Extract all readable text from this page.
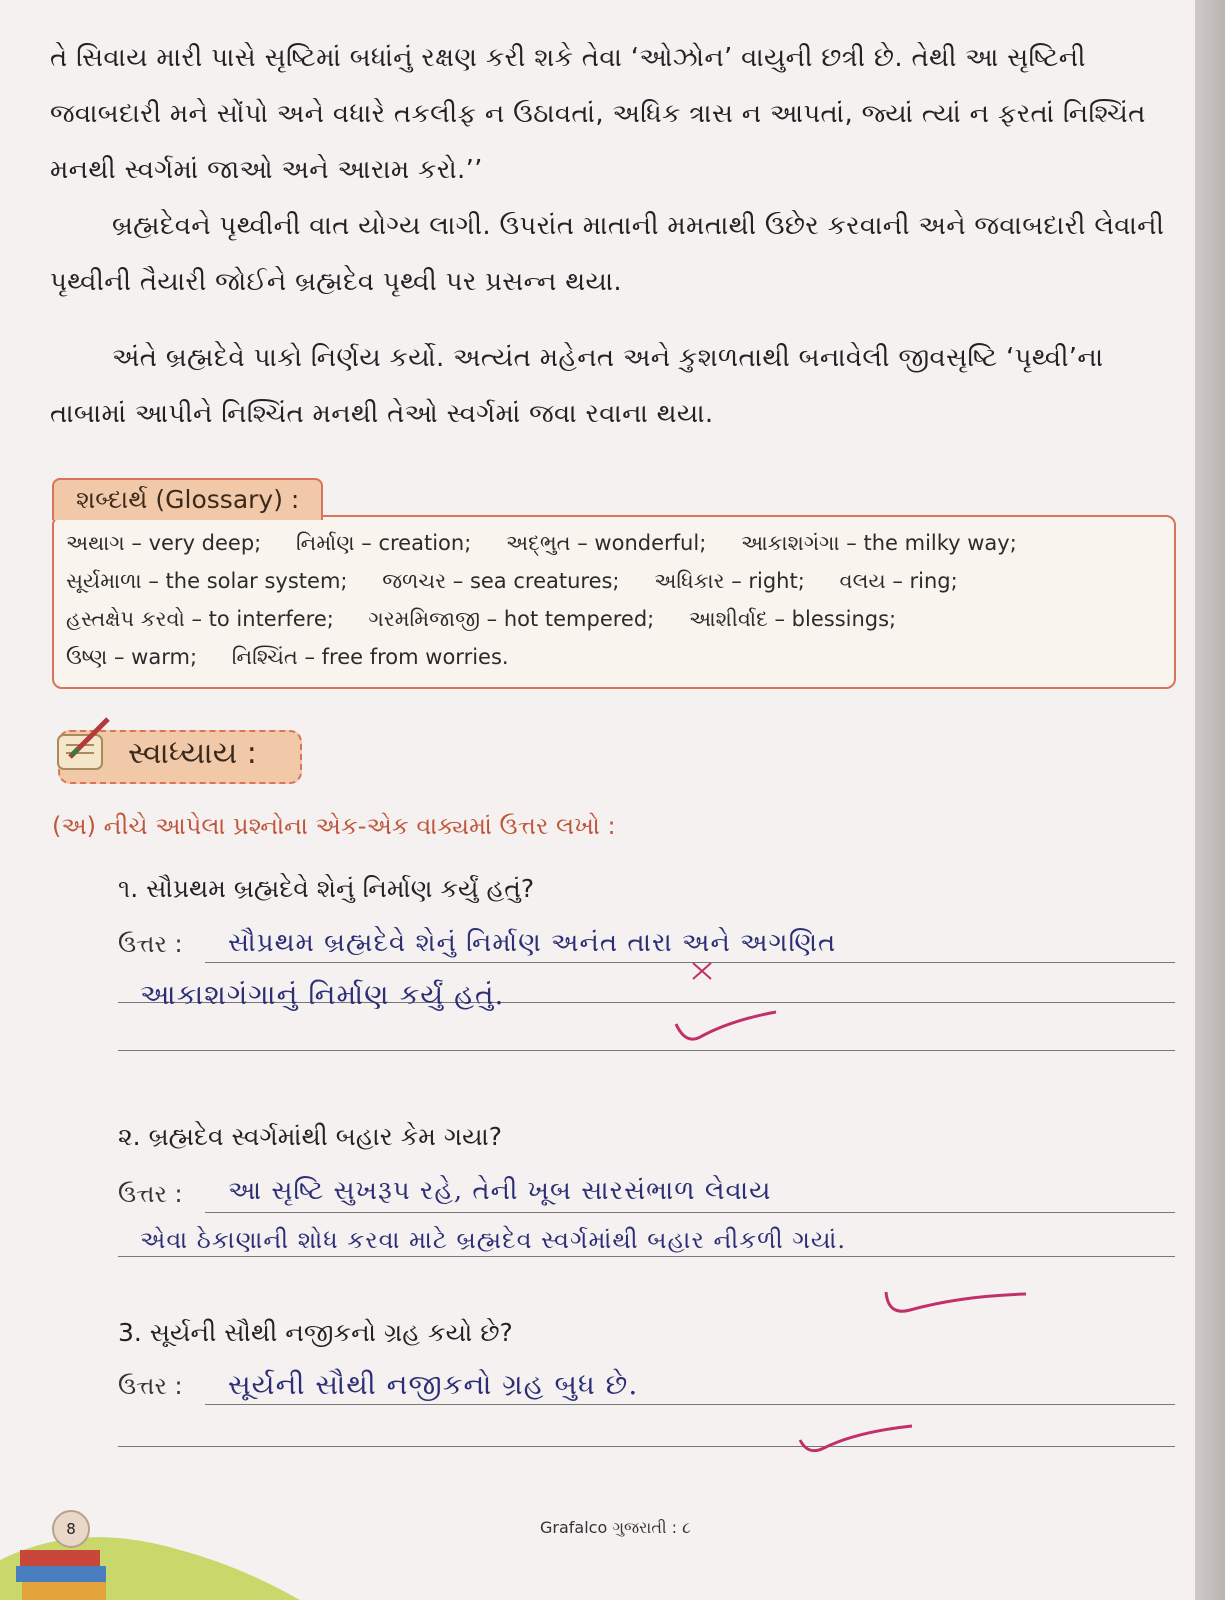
તે સિવાય મારી પાસે સૃષ્ટિમાં બધાંનું રક્ષણ કરી શકે તેવા ‘ઓઝોન’ વાયુની છત્રી છે. તેથી આ સૃષ્ટિની જવાબદારી મને સોંપો અને વધારે તકલીફ ન ઉઠાવતાં, અધિક ત્રાસ ન આપતાં, જ્યાં ત્યાં ન ફરતાં નિશ્ચિંત મનથી સ્વર્ગમાં જાઓ અને આરામ કરો.’’

બ્રહ્મદેવને પૃથ્વીની વાત યોગ્ય લાગી. ઉપરાંત માતાની મમતાથી ઉછેર કરવાની અને જવાબદારી લેવાની પૃથ્વીની તૈયારી જોઈને બ્રહ્મદેવ પૃથ્વી પર પ્રસન્ન થયા.

અંતે બ્રહ્મદેવે પાકો નિર્ણય કર્યો. અત્યંત મહેનત અને કુશળતાથી બનાવેલી જીવસૃષ્ટિ ‘પૃથ્વી’ના તાબામાં આપીને નિશ્ચિંત મનથી તેઓ સ્વર્ગમાં જવા રવાના થયા.

અથાગ – very deep; નિર્માણ – creation; અદ્ભુત – wonderful; આકાશગંગા – the milky way;
સૂર્યમાળા – the solar system; જળચર – sea creatures; અધિકાર – right; વલય – ring;
હસ્તક્ષેપ કરવો – to interfere; ગરમમિજાજી – hot tempered; આશીર્વાદ – blessings;
ઉષ્ણ – warm; નિશ્ચિંત – free from worries.
શબ્દાર્થ (Glossary) :
સ્વાધ્યાય :
(અ) નીચે આપેલા પ્રશ્નોના એક-એક વાક્યમાં ઉત્તર લખો :
૧. સૌપ્રથમ બ્રહ્મદેવે શેનું નિર્માણ કર્યું હતું?
ઉત્તર : સૌપ્રથમ બ્રહ્મદેવે શેનું નિર્માણ અનંત તારા અને અગણિત
આકાશગંગાનું નિર્માણ કર્યું હતું.
૨. બ્રહ્મદેવ સ્વર્ગમાંથી બહાર કેમ ગયા?
ઉત્તર : આ સૃષ્ટિ સુખરૂપ રહે, તેની ખૂબ સારસંભાળ લેવાય
એવા ઠેકાણાની શોધ કરવા માટે બ્રહ્મદેવ સ્વર્ગમાંથી બહાર નીકળી ગયાં.
3. સૂર્યની સૌથી નજીકનો ગ્રહ કયો છે?
ઉત્તર : સૂર્યની સૌથી નજીકનો ગ્રહ બુધ છે.
8	Grafalco ગુજરાતી : ૮
